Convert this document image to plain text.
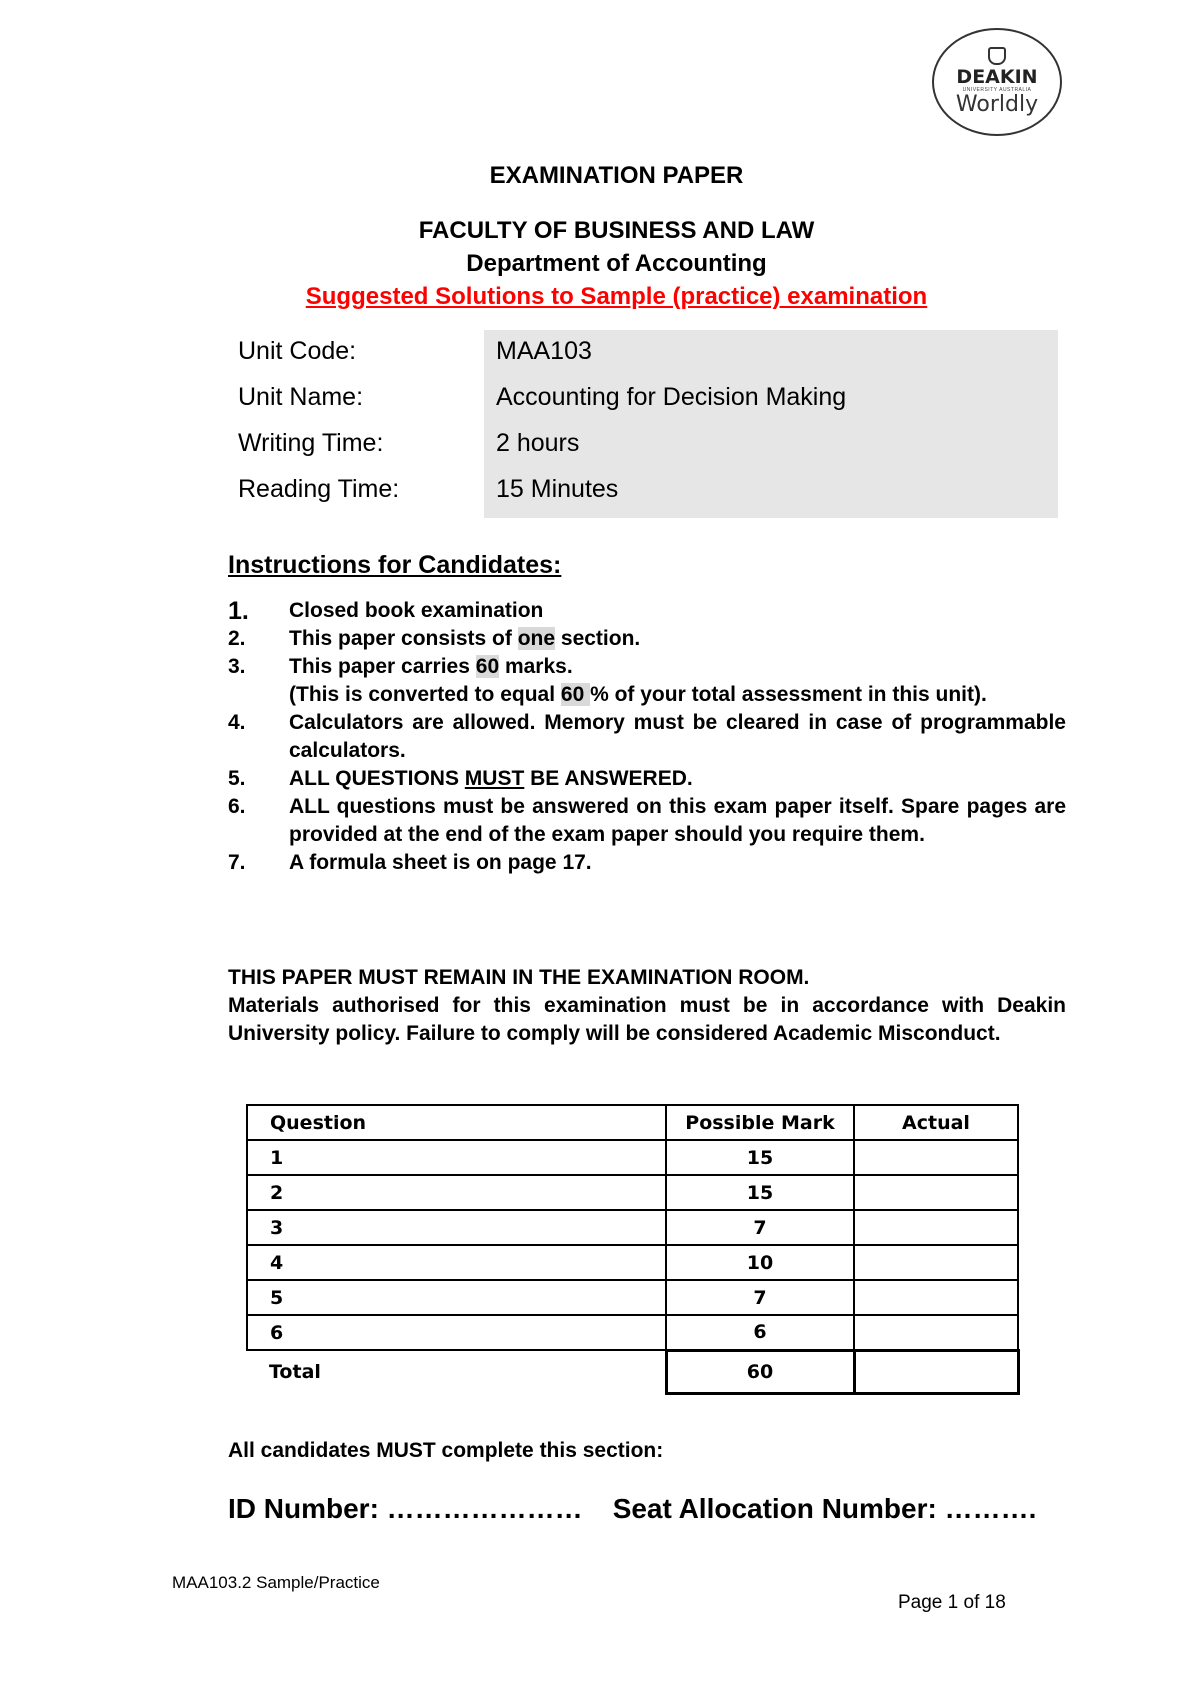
DEAKIN
UNIVERSITY AUSTRALIA
Worldly
EXAMINATION PAPER
FACULTY OF BUSINESS AND LAW
Department of Accounting
Suggested Solutions to Sample (practice) examination
Unit Code:	MAA103
Unit Name:	Accounting for Decision Making
Writing Time:	2 hours
Reading Time:	15 Minutes
Instructions for Candidates:
1.	Closed book examination
2.	This paper consists of one section.
3.	This paper carries 60 marks.
(This is converted to equal 60 % of your total assessment in this unit).
4.	Calculators are allowed. Memory must be cleared in case of programmable calculators.
5.	ALL QUESTIONS MUST BE ANSWERED.
6.	ALL questions must be answered on this exam paper itself. Spare pages are provided at the end of the exam paper should you require them.
7.	A formula sheet is on page 17.
THIS PAPER MUST REMAIN IN THE EXAMINATION ROOM.
Materials authorised for this examination must be in accordance with Deakin University policy. Failure to comply will be considered Academic Misconduct.
Question	Possible Mark	Actual
1	15	
2	15	
3	7	
4	10	
5	7	
6	6	
Total	60	
All candidates MUST complete this section:
ID Number: ………………… Seat Allocation Number: ……….
MAA103.2 Sample/Practice
Page 1 of 18
